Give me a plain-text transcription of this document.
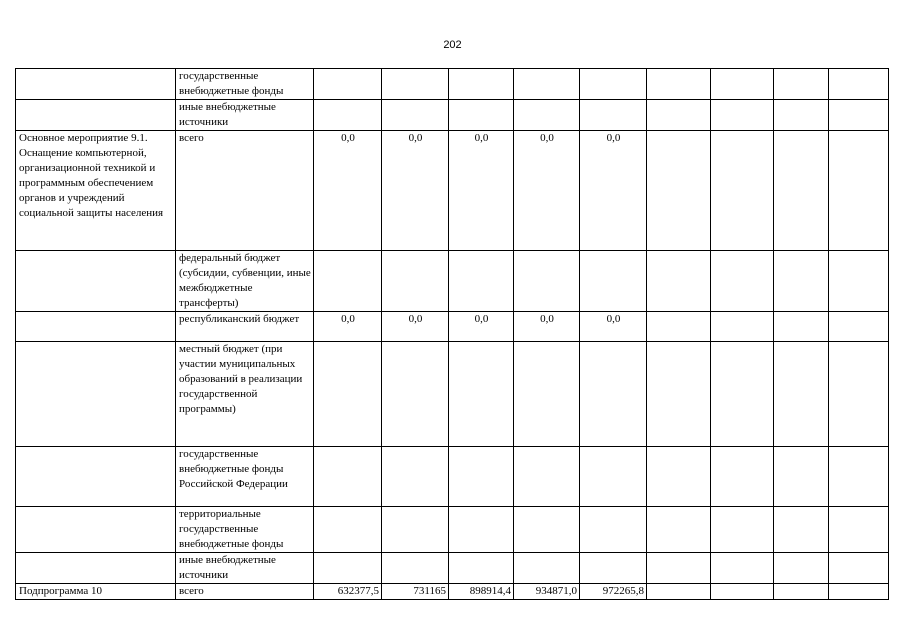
202
	государственные внебюджетные фонды									
	иные внебюджетные источники									
Основное мероприятие 9.1. Оснащение компьютерной, организационной техникой и программным обеспечением органов и учреждений социальной защиты населения	всего	0,0	0,0	0,0	0,0	0,0				
	федеральный бюджет (субсидии, субвенции, иные межбюджетные трансферты)									
	республиканский бюджет	0,0	0,0	0,0	0,0	0,0				
	местный бюджет (при участии муниципальных образований в реализации государственной программы)									
	государственные внебюджетные фонды Российской Федерации									
	территориальные государственные внебюджетные фонды									
	иные внебюджетные источники									
Подпрограмма 10	всего	632377,5	731165	898914,4	934871,0	972265,8				
